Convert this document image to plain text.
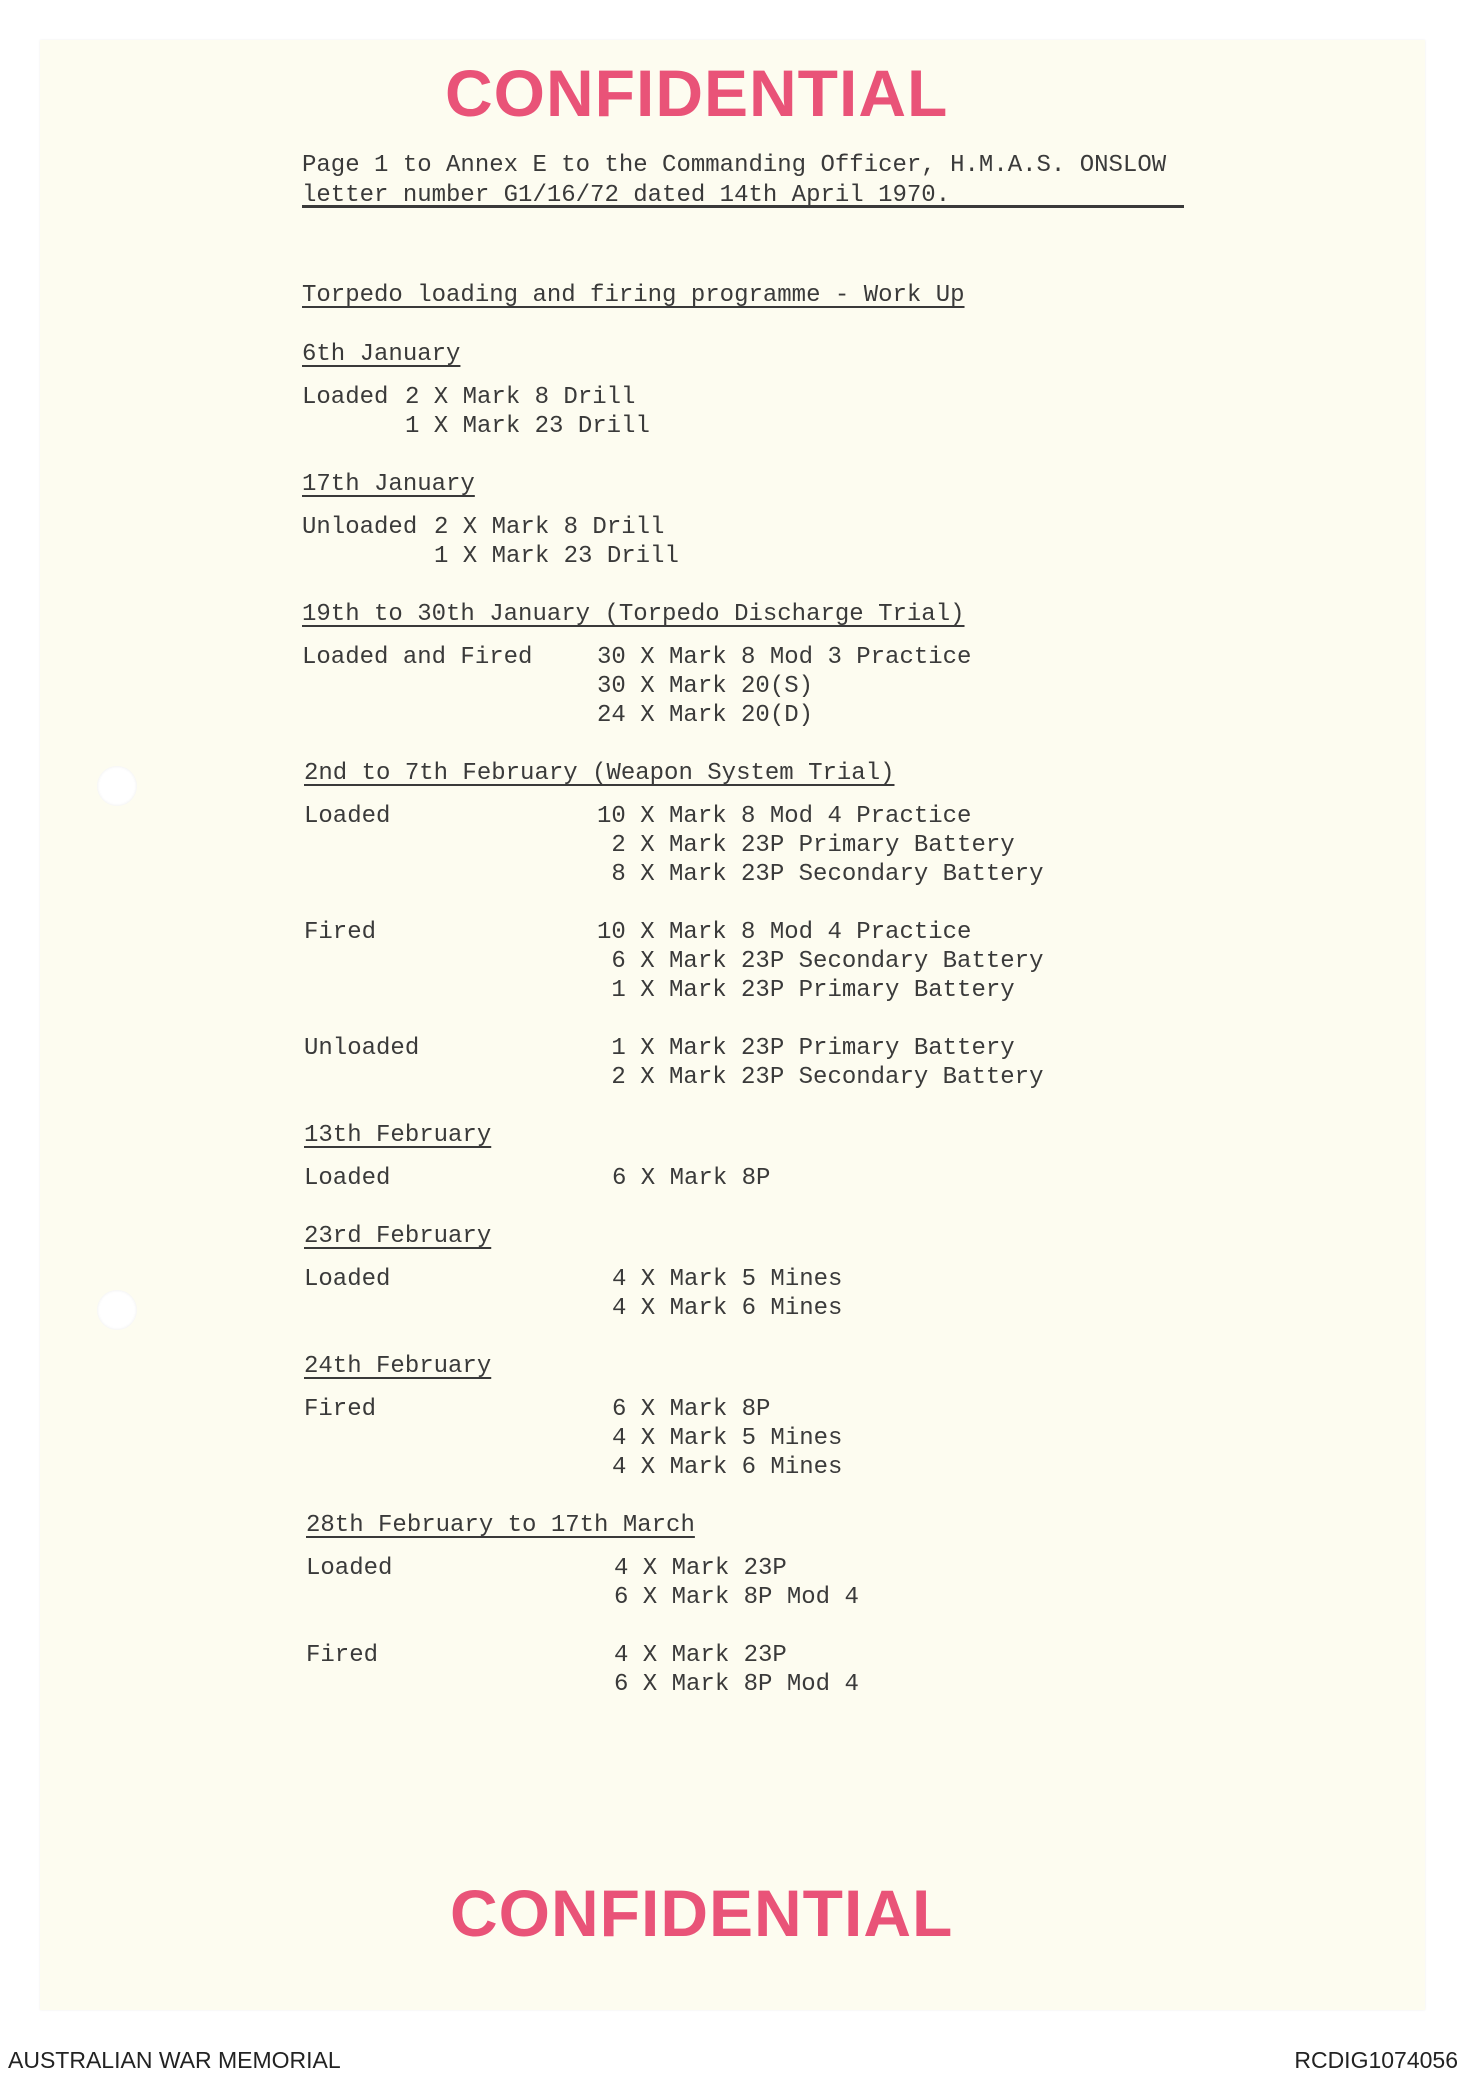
CONFIDENTIAL
Page 1 to Annex E to the Commanding Officer, H.M.A.S. ONSLOW
letter number G1/16/72 dated 14th April 1970.
Torpedo loading and firing programme - Work Up
6th January
Loaded 2 X Mark 8 Drill
1 X Mark 23 Drill
17th January
Unloaded 2 X Mark 8 Drill
1 X Mark 23 Drill
19th to 30th January (Torpedo Discharge Trial)
Loaded and Fired	30 X Mark 8 Mod 3 Practice
30 X Mark 20(S)
24 X Mark 20(D)
2nd to 7th February (Weapon System Trial)
Loaded	10 X Mark 8 Mod 4 Practice
2 X Mark 23P Primary Battery
8 X Mark 23P Secondary Battery
Fired	10 X Mark 8 Mod 4 Practice
6 X Mark 23P Secondary Battery
1 X Mark 23P Primary Battery
Unloaded	1 X Mark 23P Primary Battery
2 X Mark 23P Secondary Battery
13th February
Loaded	6 X Mark 8P
23rd February
Loaded	4 X Mark 5 Mines
4 X Mark 6 Mines
24th February
Fired	6 X Mark 8P
4 X Mark 5 Mines
4 X Mark 6 Mines
28th February to 17th March
Loaded	4 X Mark 23P
6 X Mark 8P Mod 4
Fired	4 X Mark 23P
6 X Mark 8P Mod 4
CONFIDENTIAL
AUSTRALIAN WAR MEMORIAL	RCDIG1074056
